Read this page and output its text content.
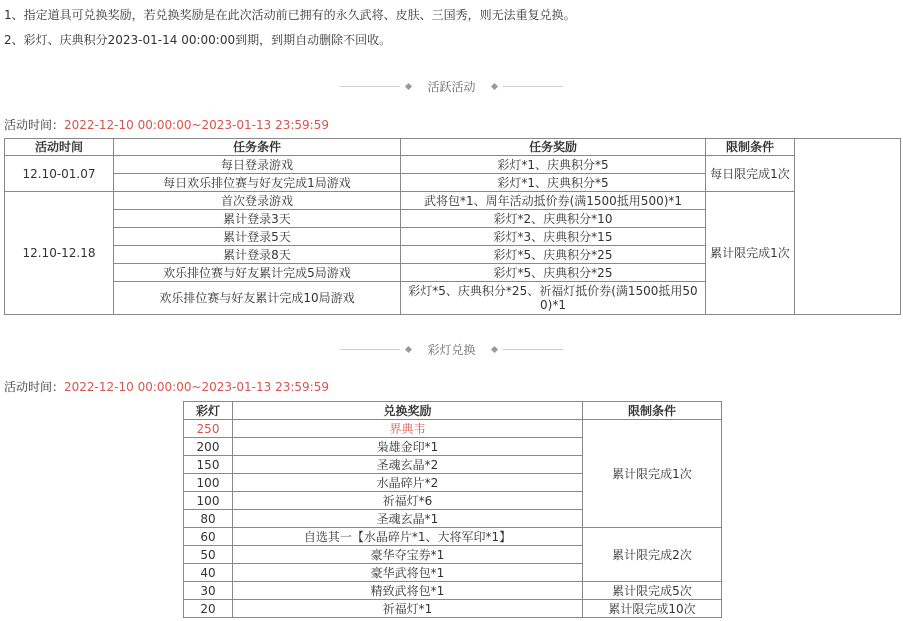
1、指定道具可兑换奖励，若兑换奖励是在此次活动前已拥有的永久武将、皮肤、三国秀，则无法重复兑换。
2、彩灯、庆典积分2023-01-14 00:00:00到期，到期自动删除不回收。
活跃活动
活动时间：2022-12-10 00:00:00~2023-01-13 23:59:59
活动时间	任务条件	任务奖励	限制条件	
12.10-01.07	每日登录游戏	彩灯*1、庆典积分*5	每日限完成1次	
	每日欢乐排位赛与好友完成1局游戏	彩灯*1、庆典积分*5		
12.10-12.18	首次登录游戏	武将包*1、周年活动抵价券(满1500抵用500)*1	累计限完成1次	
	累计登录3天	彩灯*2、庆典积分*10		
	累计登录5天	彩灯*3、庆典积分*15		
	累计登录8天	彩灯*5、庆典积分*25		
	欢乐排位赛与好友累计完成5局游戏	彩灯*5、庆典积分*25		
	欢乐排位赛与好友累计完成10局游戏	彩灯*5、庆典积分*25、祈福灯抵价券(满1500抵用500)*1		
彩灯兑换
活动时间：2022-12-10 00:00:00~2023-01-13 23:59:59
彩灯	兑换奖励	限制条件
250	界典韦	累计限完成1次
200	枭雄金印*1	
150	圣魂玄晶*2	
100	水晶碎片*2	
100	祈福灯*6	
80	圣魂玄晶*1	
60	自选其一【水晶碎片*1、大将军印*1】	累计限完成2次
50	豪华夺宝券*1	
40	豪华武将包*1	
30	精致武将包*1	累计限完成5次
20	祈福灯*1	累计限完成10次
